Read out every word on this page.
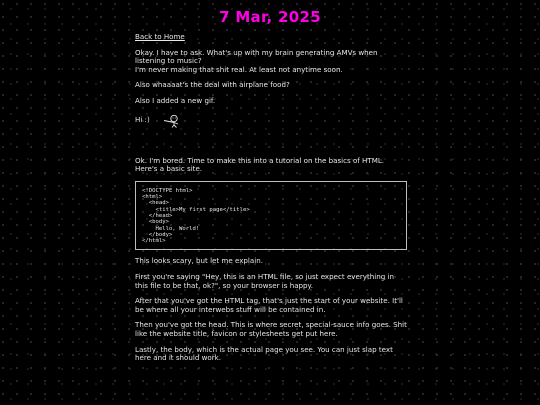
7 Mar, 2025

Back to Home

Okay. I have to ask. What's up with my brain generating AMVs when listening to music?
I'm never making that shit real. At least not anytime soon.

Also whaaaat's the deal with airplane food?

Also I added a new gif.

Hi :)

Ok. I'm bored. Time to make this into a tutorial on the basics of HTML.
Here's a basic site.

<!DOCTYPE html>
<html>
<head>
<title>My first page</title>
</head>
<body>
Hello, World!
</body>
</html>

This looks scary, but let me explain.

First you're saying "Hey, this is an HTML file, so just expect everything in this file to be that, ok?", so your browser is happy.

After that you've got the HTML tag, that's just the start of your website. It'll be where all your interwebs stuff will be contained in.

Then you've got the head. This is where secret, special-sauce info goes. Shit like the website title, favicon or stylesheets get put here.

Lastly, the body, which is the actual page you see. You can just slap text here and it should work.
